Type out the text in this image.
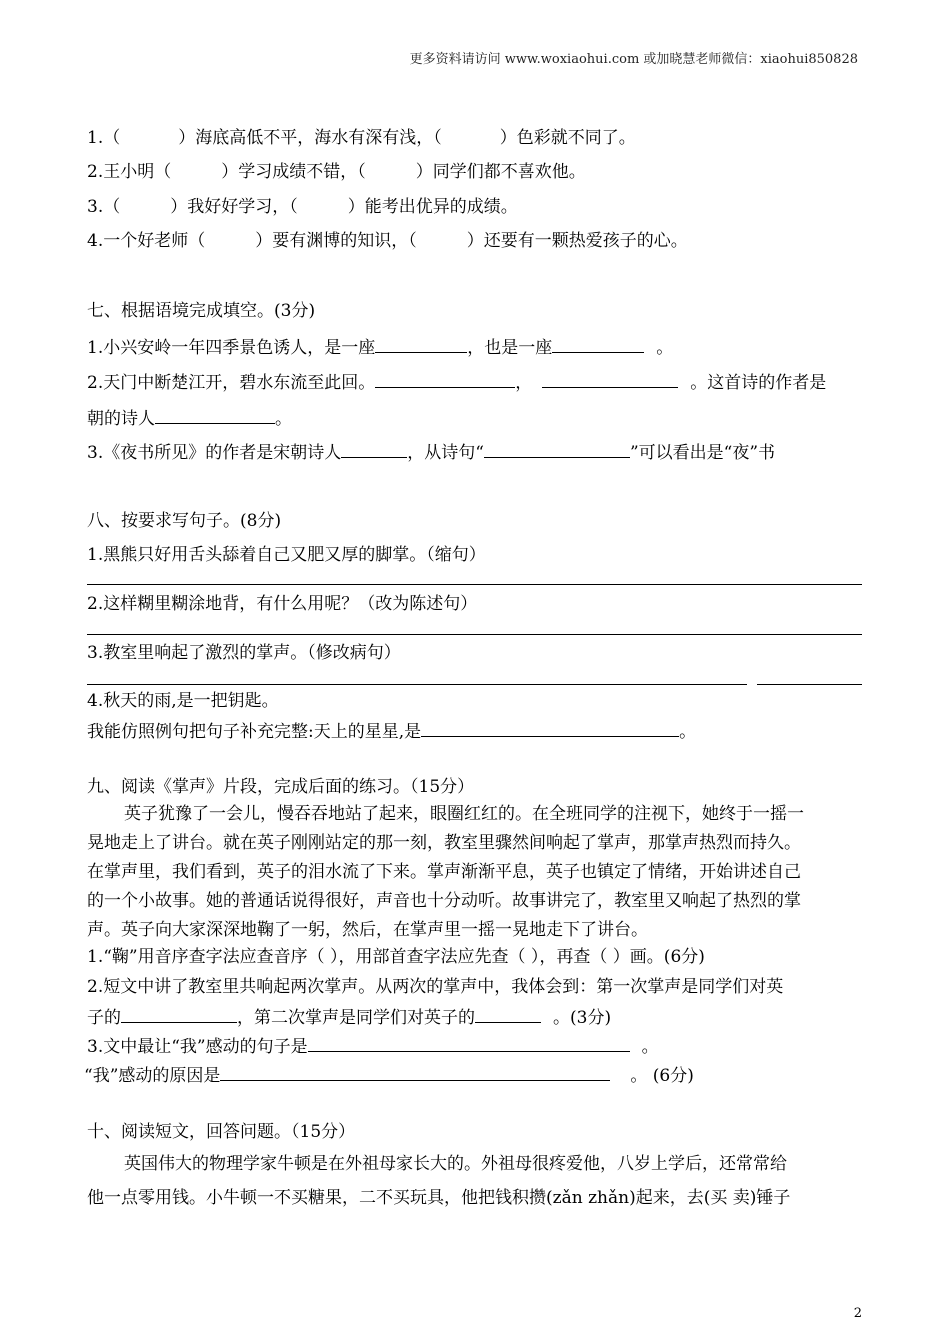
更多资料请访问 www.woxiaohui.com 或加晓慧老师微信：xiaohui850828
1.（	）海底高低不平，海水有深有浅，（	）色彩就不同了。
2.王小明（	）学习成绩不错，（	）同学们都不喜欢他。
3.（	）我好好学习，（	）能考出优异的成绩。
4.一个好老师（	）要有渊博的知识，（	）还要有一颗热爱孩子的心。
七、根据语境完成填空。(3分)
1.小兴安岭一年四季景色诱人，是一座	，也是一座	。
2.天门中断楚江开，碧水东流至此回。	，	。这首诗的作者是
朝的诗人	。
3.《夜书所见》的作者是宋朝诗人	，从诗句“	”可以看出是“夜”书
八、按要求写句子。(8分)
1.黑熊只好用舌头舔着自己又肥又厚的脚掌。（缩句）
2.这样糊里糊涂地背，有什么用呢？（改为陈述句）
3.教室里响起了激烈的掌声。（修改病句）
4.秋天的雨,是一把钥匙。
我能仿照例句把句子补充完整:天上的星星,是	。
九、阅读《掌声》片段，完成后面的练习。（15分）
英子犹豫了一会儿，慢吞吞地站了起来，眼圈红红的。在全班同学的注视下，她终于一摇一
晃地走上了讲台。就在英子刚刚站定的那一刻，教室里骤然间响起了掌声，那掌声热烈而持久。
在掌声里，我们看到，英子的泪水流了下来。掌声渐渐平息，英子也镇定了情绪，开始讲述自己
的一个小故事。她的普通话说得很好，声音也十分动听。故事讲完了，教室里又响起了热烈的掌
声。英子向大家深深地鞠了一躬，然后，在掌声里一摇一晃地走下了讲台。
1.“鞠”用音序查字法应查音序（ ），用部首查字法应先查（ ），再查（ ）画。(6分)
2.短文中讲了教室里共响起两次掌声。从两次的掌声中，我体会到：第一次掌声是同学们对英
子的	，第二次掌声是同学们对英子的	。(3分)
3.文中最让“我”感动的句子是	。
“我”感动的原因是	。 (6分)
十、阅读短文，回答问题。（15分）
英国伟大的物理学家牛顿是在外祖母家长大的。外祖母很疼爱他，八岁上学后，还常常给
他一点零用钱。小牛顿一不买糖果，二不买玩具，他把钱积攒(zǎn zhǎn)起来，去(买 卖)锤子
2
